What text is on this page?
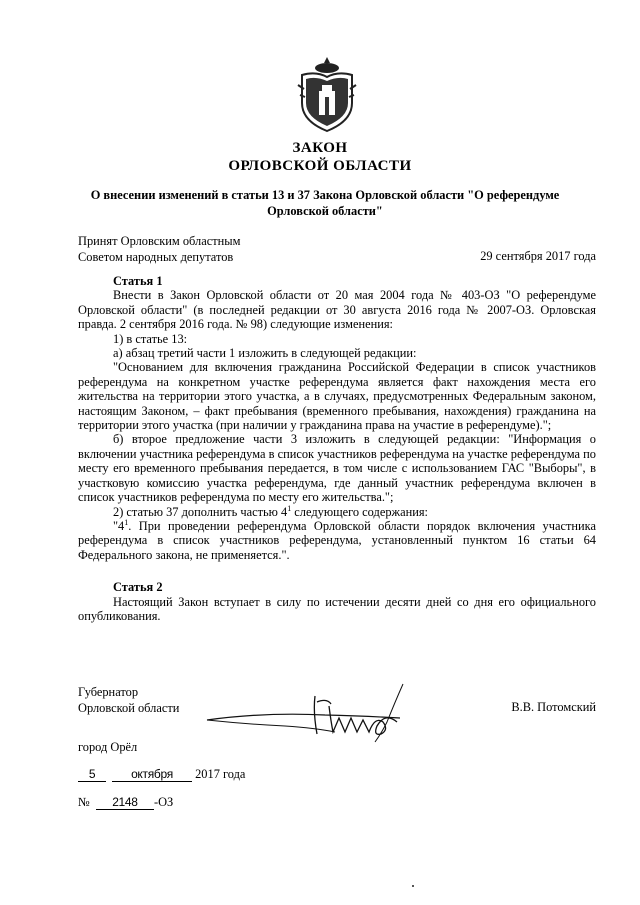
ЗАКОН
ОРЛОВСКОЙ ОБЛАСТИ
О внесении изменений в статьи 13 и 37 Закона Орловской области "О референдуме Орловской области"
Принят Орловским областным
Советом народных депутатов	29 сентября 2017 года

Статья 1

Внести в Закон Орловской области от 20 мая 2004 года № 403-ОЗ "О референдуме Орловской области" (в последней редакции от 30 августа 2016 года № 2007-ОЗ. Орловская правда. 2 сентября 2016 года. № 98) следующие изменения:

1) в статье 13:

а) абзац третий части 1 изложить в следующей редакции:

"Основанием для включения гражданина Российской Федерации в список участников референдума на конкретном участке референдума является факт нахождения места его жительства на территории этого участка, а в случаях, предусмотренных Федеральным законом, настоящим Законом, – факт пребывания (временного пребывания, нахождения) гражданина на территории этого участка (при наличии у гражданина права на участие в референдуме).";

б) второе предложение части 3 изложить в следующей редакции: "Информация о включении участника референдума в список участников референдума на участке референдума по месту его временного пребывания передается, в том числе с использованием ГАС "Выборы", в участковую комиссию участка референдума, где данный участник референдума включен в список участников референдума по месту его жительства.";

2) статью 37 дополнить частью $4^1$ следующего содержания:

"$4^1$. При проведении референдума Орловской области порядок включения участника референдума в список участников референдума, установленный пунктом 16 статьи 64 Федерального закона, не применяется.".

Статья 2

Настоящий Закон вступает в силу по истечении десяти дней со дня его официального опубликования.

Губернатор
Орловской области	В.В. Потомский
город Орёл
5	октября 2017 года
№ 2148 -ОЗ
